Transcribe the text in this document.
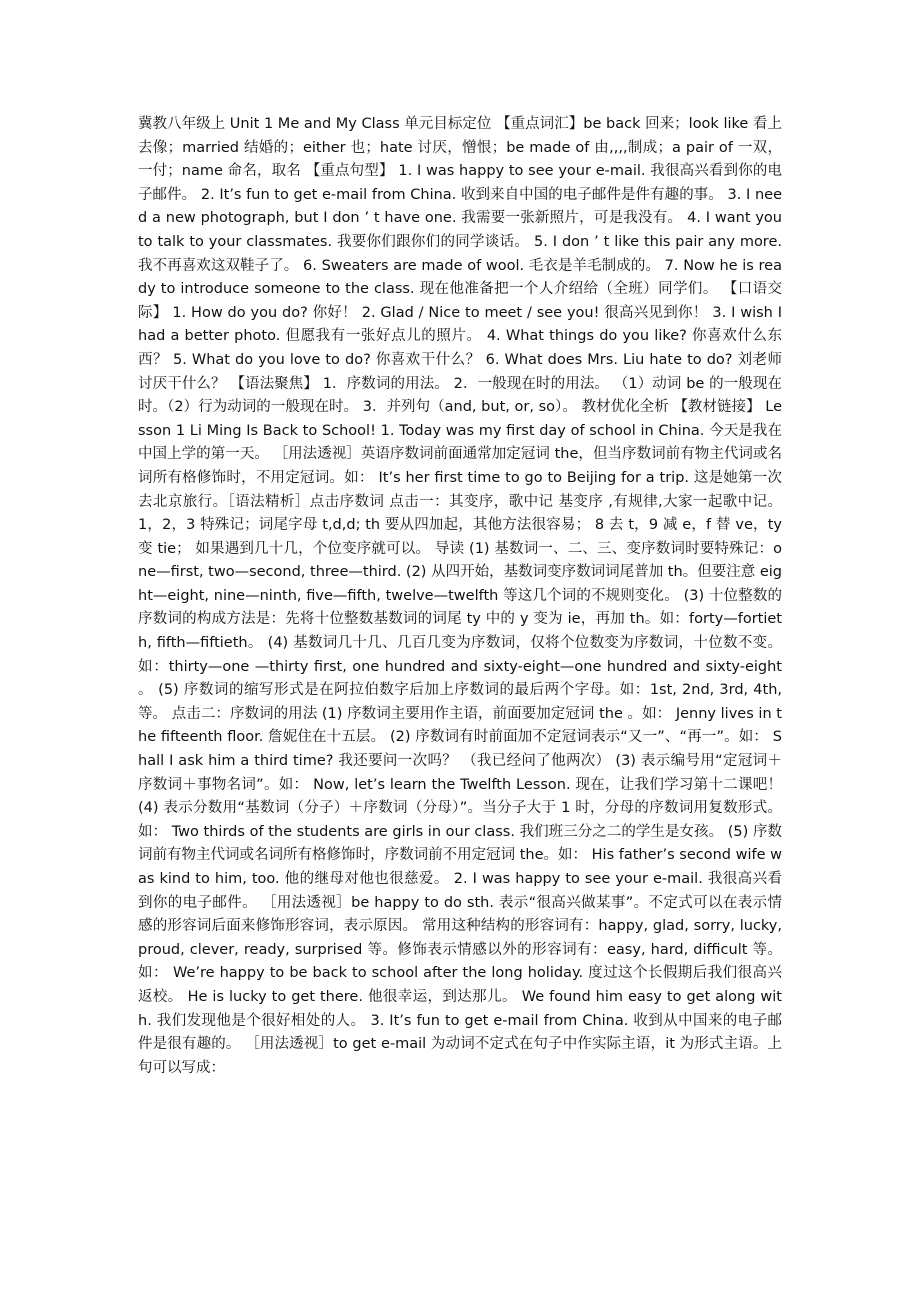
冀教八年级上 Unit 1 Me and My Class 单元目标定位 【重点词汇】be back 回来；look like 看上去像；married 结婚的；either 也；hate 讨厌，憎恨；be made of 由,,,,制成；a pair of 一双，一付；name 命名，取名 【重点句型】 1. I was happy to see your e-mail. 我很高兴看到你的电子邮件。 2. It’s fun to get e-mail from China. 收到来自中国的电子邮件是件有趣的事。 3. I need a new photograph, but I don ’ t have one. 我需要一张新照片，可是我没有。 4. I want you to talk to your classmates. 我要你们跟你们的同学谈话。 5. I don ’ t like this pair any more. 我不再喜欢这双鞋子了。 6. Sweaters are made of wool. 毛衣是羊毛制成的。 7. Now he is ready to introduce someone to the class. 现在他准备把一个人介绍给（全班）同学们。 【口语交际】 1. How do you do? 你好！ 2. Glad / Nice to meet / see you! 很高兴见到你！ 3. I wish I had a better photo. 但愿我有一张好点儿的照片。 4. What things do you like? 你喜欢什么东西？ 5. What do you love to do? 你喜欢干什么？ 6. What does Mrs. Liu hate to do? 刘老师讨厌干什么？ 【语法聚焦】 1．序数词的用法。 2．一般现在时的用法。 （1）动词 be 的一般现在时。（2）行为动词的一般现在时。 3．并列句（and, but, or, so）。 教材优化全析 【教材链接】 Lesson 1 Li Ming Is Back to School! 1. Today was my first day of school in China. 今天是我在中国上学的第一天。 ［用法透视］英语序数词前面通常加定冠词 the，但当序数词前有物主代词或名词所有格修饰时，不用定冠词。如： It’s her first time to go to Beijing for a trip. 这是她第一次去北京旅行。［语法精析］点击序数词 点击一：其变序，歌中记 基变序 ,有规律,大家一起歌中记。 1，2，3 特殊记；词尾字母 t,d,d; th 要从四加起，其他方法很容易； 8 去 t，9 减 e，f 替 ve，ty 变 tie； 如果遇到几十几，个位变序就可以。 导读 (1) 基数词一、二、三、变序数词时要特殊记：one—first, two—second, three—third. (2) 从四开始，基数词变序数词词尾普加 th。但要注意 eight—eight, nine—ninth, five—fifth, twelve—twelfth 等这几个词的不规则变化。 (3) 十位整数的序数词的构成方法是：先将十位整数基数词的词尾 ty 中的 y 变为 ie，再加 th。如：forty—fortieth, fifth—fiftieth。 (4) 基数词几十几、几百几变为序数词，仅将个位数变为序数词，十位数不变。如：thirty—one —thirty first, one hundred and sixty-eight—one hundred and sixty-eight 。 (5) 序数词的缩写形式是在阿拉伯数字后加上序数词的最后两个字母。如：1st, 2nd, 3rd, 4th, 等。 点击二：序数词的用法 (1) 序数词主要用作主语，前面要加定冠词 the 。如： Jenny lives in the fifteenth floor. 詹妮住在十五层。 (2) 序数词有时前面加不定冠词表示“又一”、“再一”。如： Shall I ask him a third time? 我还要问一次吗？ （我已经问了他两次） (3) 表示编号用“定冠词＋序数词＋事物名词”。如： Now, let’s learn the Twelfth Lesson. 现在，让我们学习第十二课吧！ (4) 表示分数用“基数词（分子）＋序数词（分母）”。当分子大于 1 时，分母的序数词用复数形式。如： Two thirds of the students are girls in our class. 我们班三分之二的学生是女孩。 (5) 序数词前有物主代词或名词所有格修饰时，序数词前不用定冠词 the。如： His father’s second wife was kind to him, too. 他的继母对他也很慈爱。 2. I was happy to see your e-mail. 我很高兴看到你的电子邮件。 ［用法透视］be happy to do sth. 表示“很高兴做某事”。不定式可以在表示情感的形容词后面来修饰形容词，表示原因。 常用这种结构的形容词有：happy, glad, sorry, lucky, proud, clever, ready, surprised 等。修饰表示情感以外的形容词有：easy, hard, difficult 等。如： We’re happy to be back to school after the long holiday. 度过这个长假期后我们很高兴返校。 He is lucky to get there. 他很幸运，到达那儿。 We found him easy to get along with. 我们发现他是个很好相处的人。 3. It’s fun to get e-mail from China. 收到从中国来的电子邮件是很有趣的。 ［用法透视］to get e-mail 为动词不定式在句子中作实际主语，it 为形式主语。上句可以写成：
